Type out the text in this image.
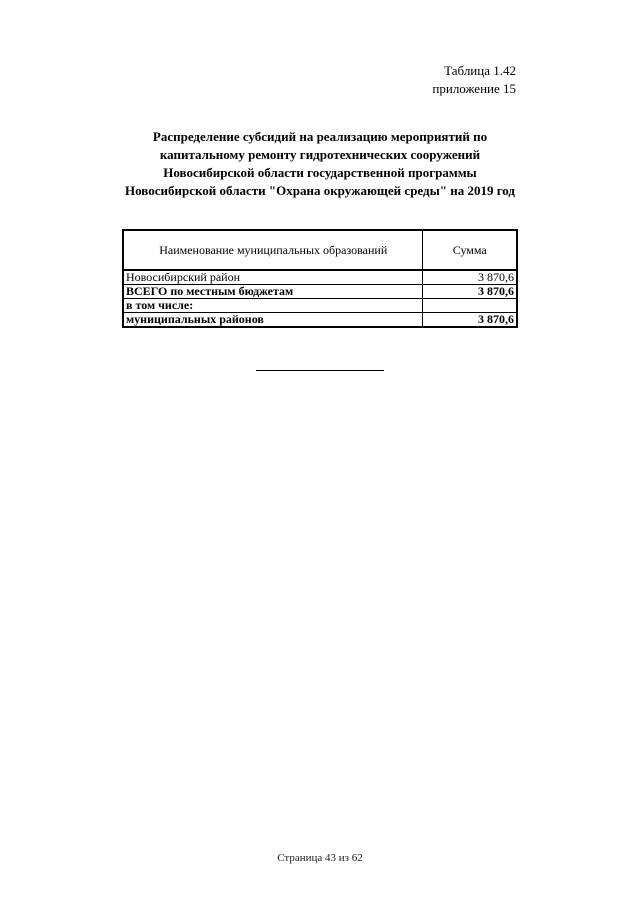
Таблица 1.42
приложение 15
Распределение субсидий на реализацию мероприятий по
капитальному ремонту гидротехнических сооружений
Новосибирской области государственной программы
Новосибирской области "Охрана окружающей среды" на 2019 год
Наименование муниципальных образований	Сумма
Новосибирский район	3 870,6
ВСЕГО по местным бюджетам	3 870,6
в том числе:	
муниципальных районов	3 870,6
Страница 43 из 62
